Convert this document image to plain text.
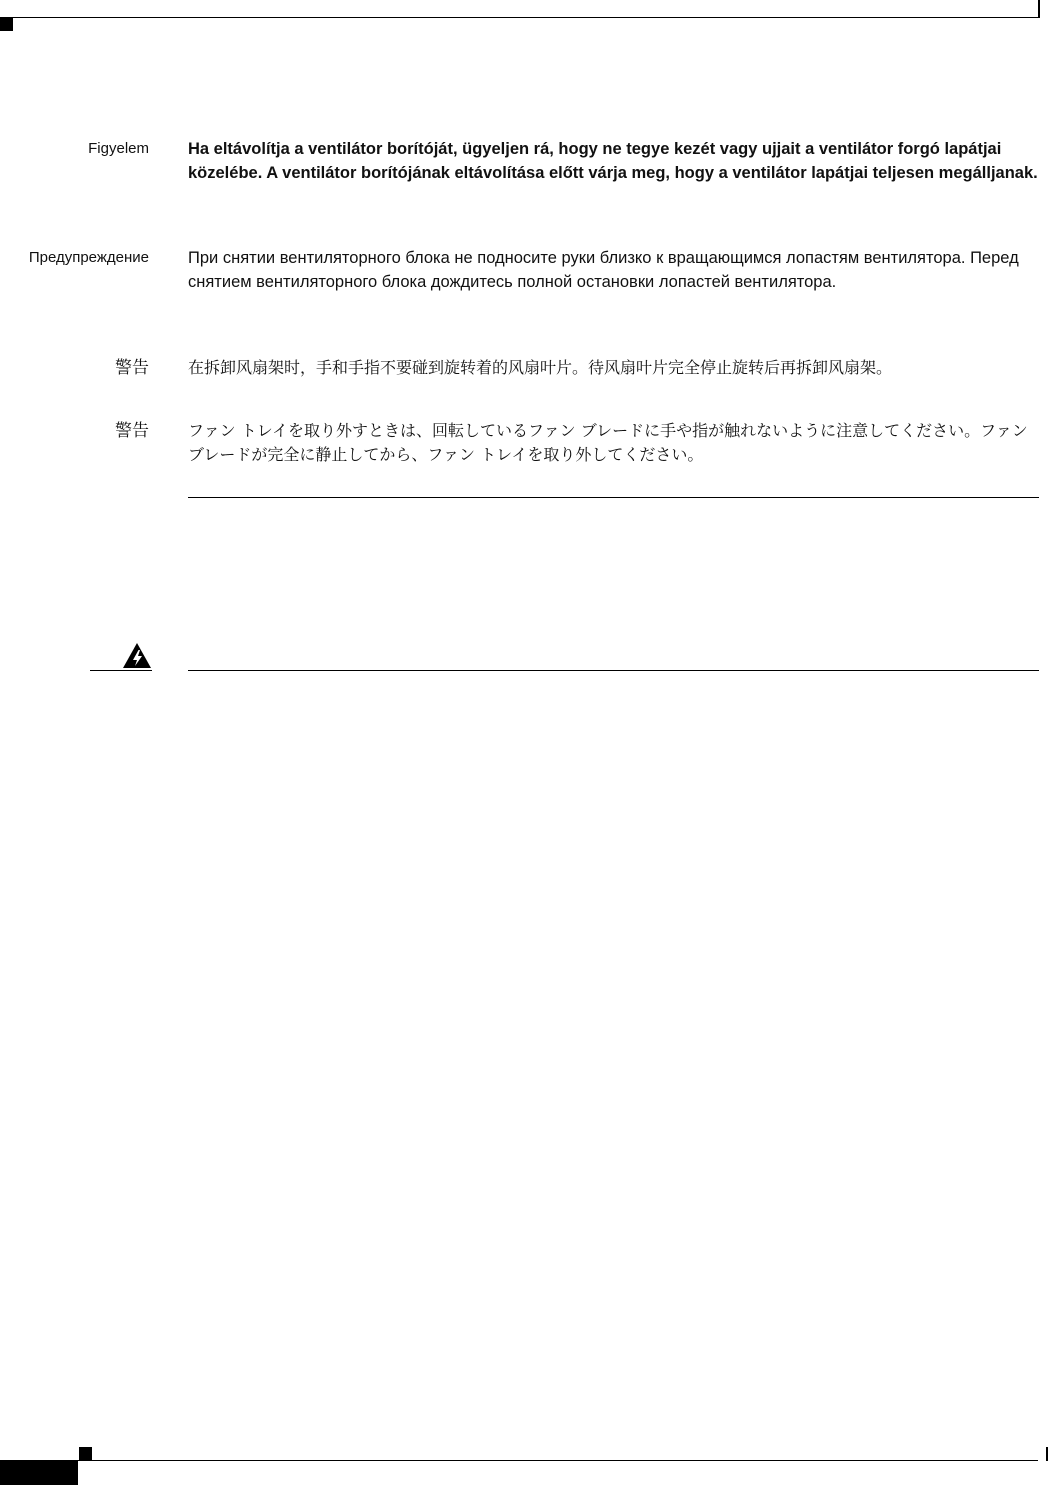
Figyelem Ha eltávolítja a ventilátor borítóját, ügyeljen rá, hogy ne tegye kezét vagy ujjait a ventilátor forgó lapátjai közelébe. A ventilátor borítójának eltávolítása előtt várja meg, hogy a ventilátor lapátjai teljesen megálljanak.
Предупреждение При снятии вентиляторного блока не подносите руки близко к вращающимся лопастям вентилятора. Перед снятием вентиляторного блока дождитесь полной остановки лопастей вентилятора.
警告 在拆卸风扇架时，手和手指不要碰到旋转着的风扇叶片。待风扇叶片完全停止旋转后再拆卸风扇架。
警告 ファン トレイを取り外すときは、回転しているファン ブレードに手や指が触れないように注意してください。ファン ブレードが完全に静止してから、ファン トレイを取り外してください。
